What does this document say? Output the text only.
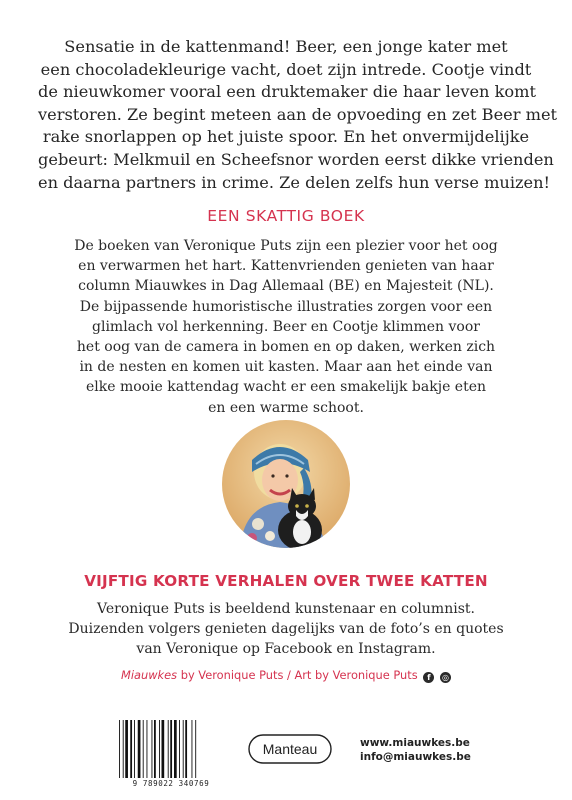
Sensatie in de kattenmand! Beer, een jonge kater met
een chocoladekleurige vacht, doet zijn intrede. Cootje vindt
de nieuwkomer vooral een druktemaker die haar leven komt
verstoren. Ze begint meteen aan de opvoeding en zet Beer met
rake snorlappen op het juiste spoor. En het onvermijdelijke
gebeurt: Melkmuil en Scheefsnor worden eerst dikke vrienden
en daarna partners in crime. Ze delen zelfs hun verse muizen!
EEN SKATTIG BOEK
De boeken van Veronique Puts zijn een plezier voor het oog
en verwarmen het hart. Kattenvrienden genieten van haar
column Miauwkes in Dag Allemaal (BE) en Majesteit (NL).
De bijpassende humoristische illustraties zorgen voor een
glimlach vol herkenning. Beer en Cootje klimmen voor
het oog van de camera in bomen en op daken, werken zich
in de nesten en komen uit kasten. Maar aan het einde van
elke mooie kattendag wacht er een smakelijk bakje eten
en een warme schoot.
VIJFTIG KORTE VERHALEN OVER TWEE KATTEN
Veronique Puts is beeldend kunstenaar en columnist.
Duizenden volgers genieten dagelijks van de foto’s en quotes
van Veronique op Facebook en Instagram.
Miauwkes by Veronique Puts / Art by Veronique Puts f ◎
9 789022 340769
Manteau	www.miauwkes.be
info@miauwkes.be
